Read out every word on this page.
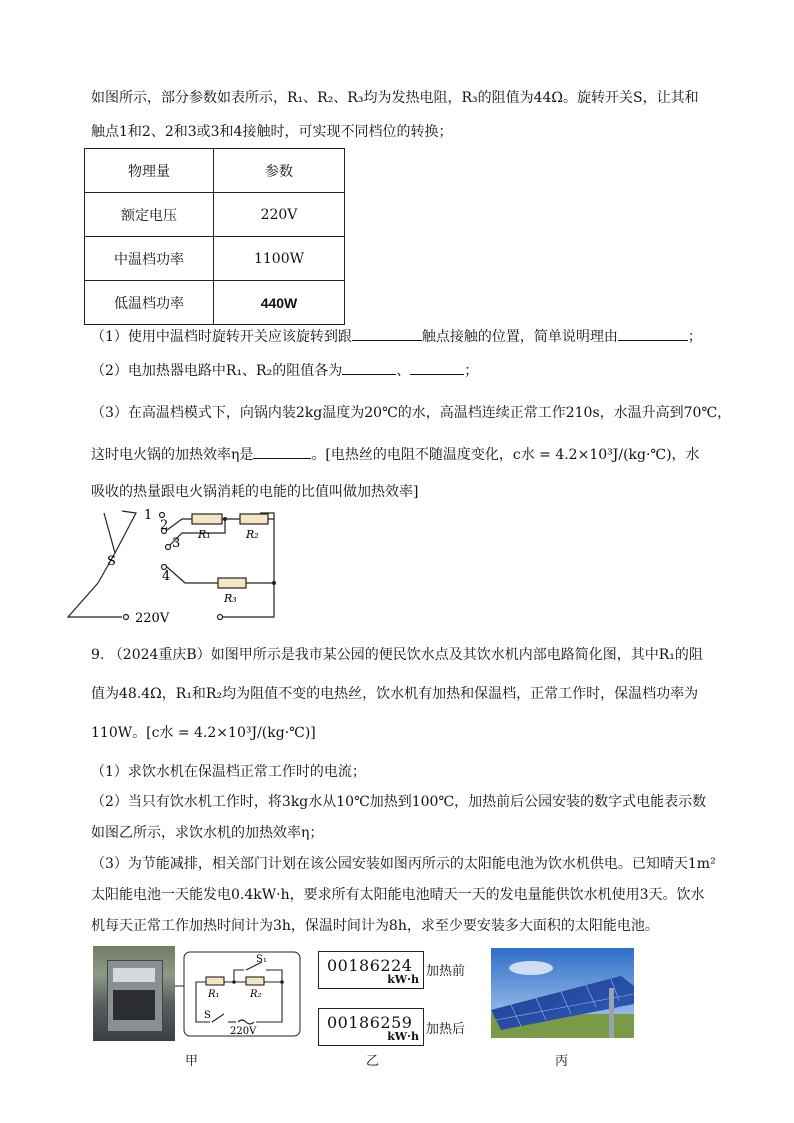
如图所示，部分参数如表所示，R₁、R₂、R₃均为发热电阻，R₃的阻值为44Ω。旋转开关S，让其和
触点1和2、2和3或3和4接触时，可实现不同档位的转换；
物理量	参数
额定电压	220V
中温档功率	1100W
低温档功率	440W
（1）使用中温档时旋转开关应该旋转到跟	触点接触的位置，简单说明理由	；
（2）电加热器电路中R₁、R₂的阻值各为	、	；
（3）在高温档模式下，向锅内装2kg温度为20℃的水，高温档连续正常工作210s，水温升高到70℃，
这时电火锅的加热效率η是	。[电热丝的电阻不随温度变化，c水 = 4.2×10³J/(kg·℃)，水
吸收的热量跟电火锅消耗的电能的比值叫做加热效率]
1
2
3
4
S
R₁	R₂
R₃
220V
9. （2024重庆B）如图甲所示是我市某公园的便民饮水点及其饮水机内部电路简化图，其中R₁的阻
值为48.4Ω，R₁和R₂均为阻值不变的电热丝，饮水机有加热和保温档，正常工作时，保温档功率为
110W。[c水 = 4.2×10³J/(kg·℃)]
（1）求饮水机在保温档正常工作时的电流；
（2）当只有饮水机工作时，将3kg水从10℃加热到100℃，加热前后公园安装的数字式电能表示数
如图乙所示，求饮水机的加热效率η；
（3）为节能减排，相关部门计划在该公园安装如图丙所示的太阳能电池为饮水机供电。已知晴天1m²
太阳能电池一天能发电0.4kW·h，要求所有太阳能电池晴天一天的发电量能供饮水机使用3天。饮水
机每天正常工作加热时间计为3h，保温时间计为8h，求至少要安装多大面积的太阳能电池。
S₁
R₁	R₂
S
220V
00186224
kW·h
加热前
00186259
kW·h 加热后
甲	乙	丙
